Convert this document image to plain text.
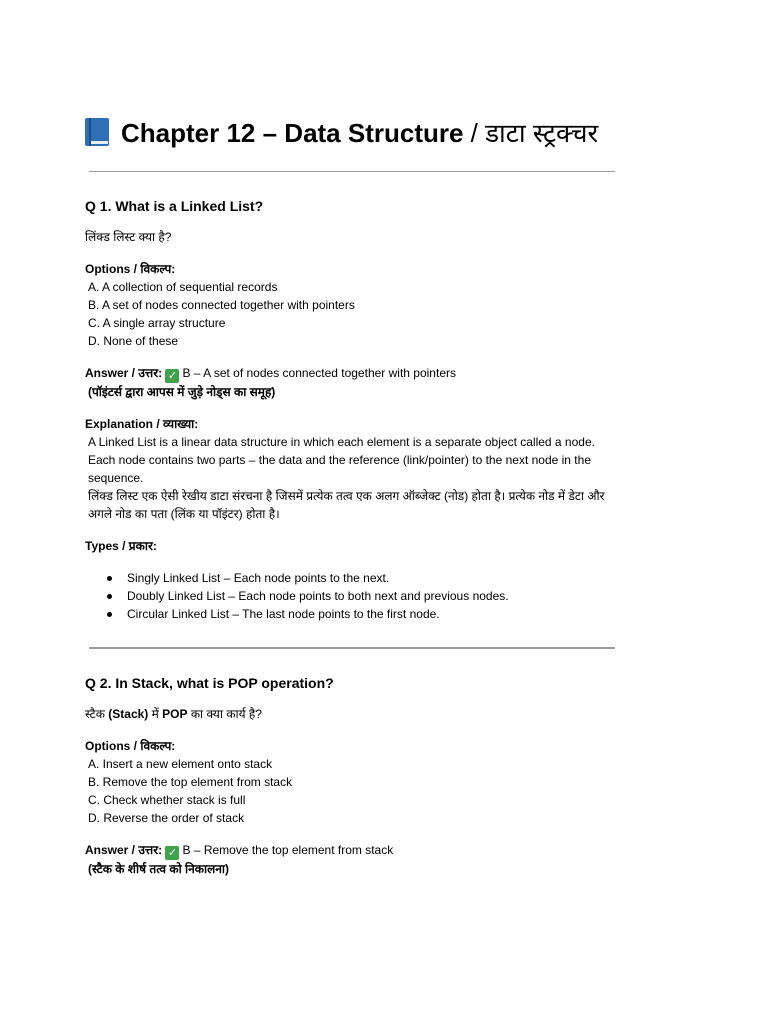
Chapter 12 – Data Structure / डाटा स्ट्रक्चर
Q 1. What is a Linked List?
लिंक्ड लिस्ट क्या है?
Options / विकल्प:
A. A collection of sequential records
B. A set of nodes connected together with pointers
C. A single array structure
D. None of these
Answer / उत्तर: ✓ B – A set of nodes connected together with pointers
(पॉइंटर्स द्वारा आपस में जुड़े नोड्स का समूह)
Explanation / व्याख्या:
A Linked List is a linear data structure in which each element is a separate object called a node.
Each node contains two parts – the data and the reference (link/pointer) to the next node in the sequence.
लिंक्ड लिस्ट एक ऐसी रेखीय डाटा संरचना है जिसमें प्रत्येक तत्व एक अलग ऑब्जेक्ट (नोड) होता है। प्रत्येक नोड में डेटा और अगले नोड का पता (लिंक या पॉइंटर) होता है।
Types / प्रकार:
Singly Linked List – Each node points to the next.
Doubly Linked List – Each node points to both next and previous nodes.
Circular Linked List – The last node points to the first node.
Q 2. In Stack, what is POP operation?
स्टैक (Stack) में POP का क्या कार्य है?
Options / विकल्प:
A. Insert a new element onto stack
B. Remove the top element from stack
C. Check whether stack is full
D. Reverse the order of stack
Answer / उत्तर: ✓ B – Remove the top element from stack
(स्टैक के शीर्ष तत्व को निकालना)
